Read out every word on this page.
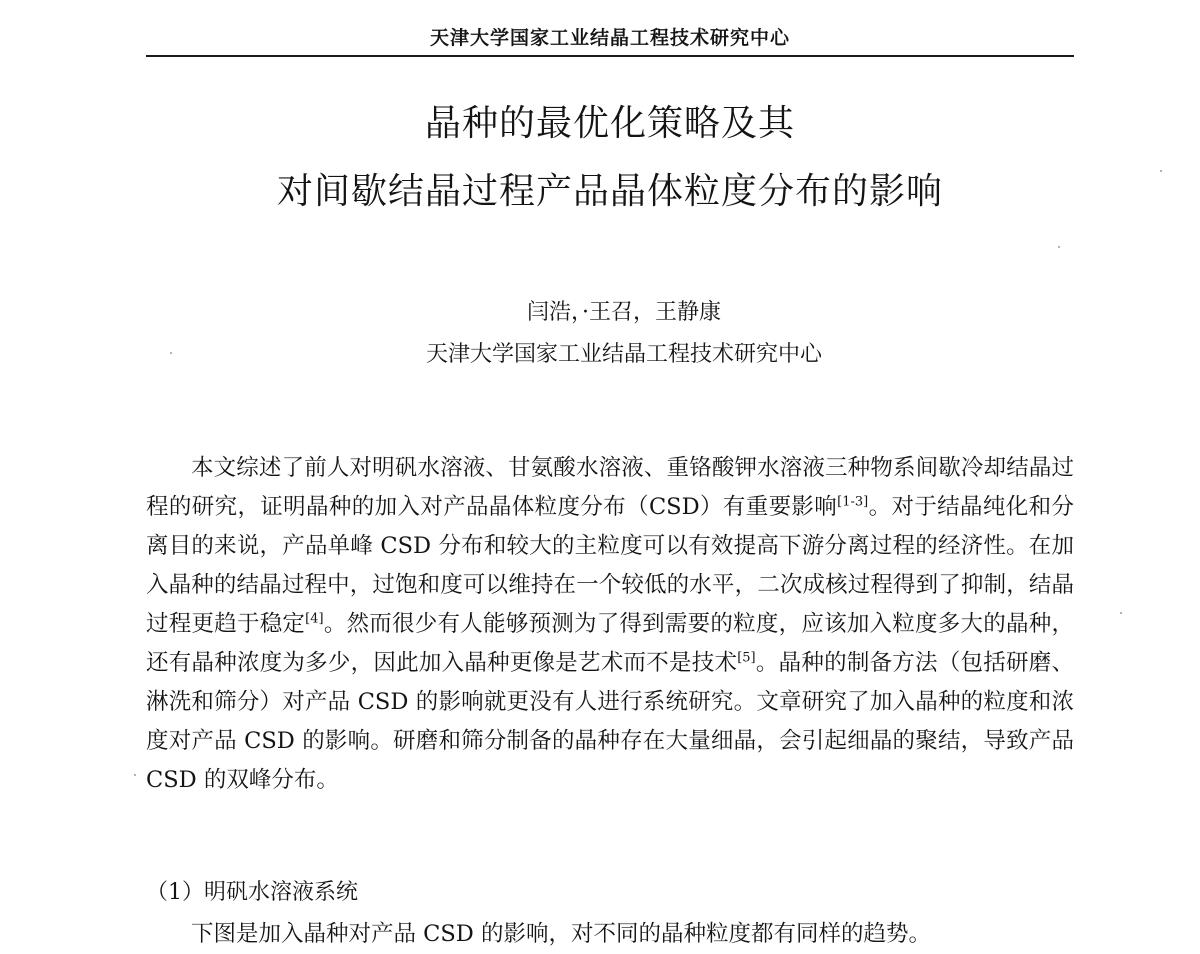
天津大学国家工业结晶工程技术研究中心
晶种的最优化策略及其
对间歇结晶过程产品晶体粒度分布的影响
闫浩，·王召，王静康
天津大学国家工业结晶工程技术研究中心

本文综述了前人对明矾水溶液、甘氨酸水溶液、重铬酸钾水溶液三种物系间歇冷却结晶过程的研究，证明晶种的加入对产品晶体粒度分布（CSD）有重要影响[1-3]。对于结晶纯化和分离目的来说，产品单峰 CSD 分布和较大的主粒度可以有效提高下游分离过程的经济性。在加入晶种的结晶过程中，过饱和度可以维持在一个较低的水平，二次成核过程得到了抑制，结晶过程更趋于稳定[4]。然而很少有人能够预测为了得到需要的粒度，应该加入粒度多大的晶种，还有晶种浓度为多少，因此加入晶种更像是艺术而不是技术[5]。晶种的制备方法（包括研磨、淋洗和筛分）对产品 CSD 的影响就更没有人进行系统研究。文章研究了加入晶种的粒度和浓度对产品 CSD 的影响。研磨和筛分制备的晶种存在大量细晶，会引起细晶的聚结，导致产品 CSD 的双峰分布。

（1）明矾水溶液系统

下图是加入晶种对产品 CSD 的影响，对不同的晶种粒度都有同样的趋势。
